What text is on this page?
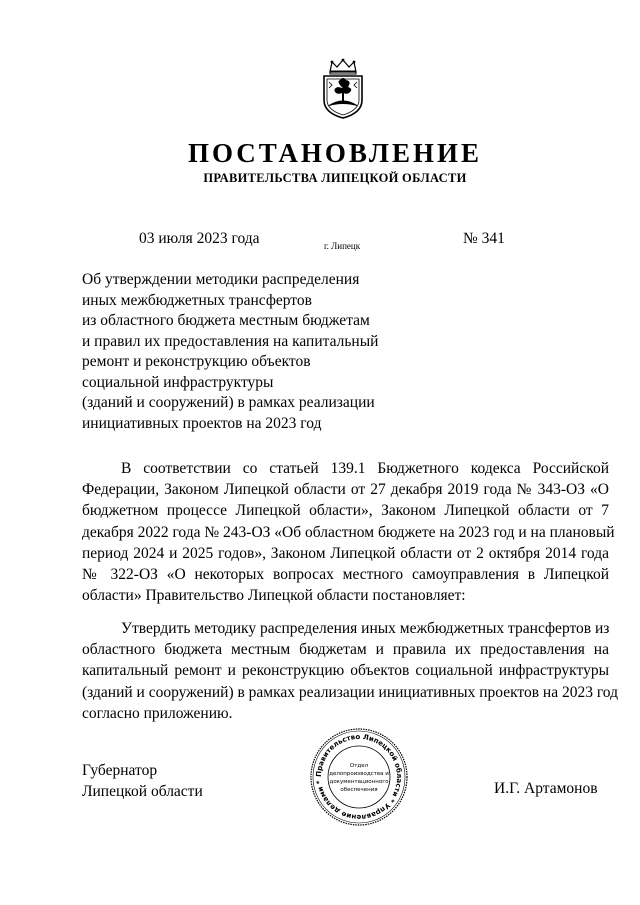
ПОСТАНОВЛЕНИЕ
ПРАВИТЕЛЬСТВА ЛИПЕЦКОЙ ОБЛАСТИ
03 июля 2023 года	г. Липецк	№ 341
Об утверждении методики распределения
иных межбюджетных трансфертов
из областного бюджета местным бюджетам
и правил их предоставления на капитальный
ремонт и реконструкцию объектов
социальной инфраструктуры
(зданий и сооружений) в рамках реализации
инициативных проектов на 2023 год
В соответствии со статьей 139.1 Бюджетного кодекса Российской
Федерации, Законом Липецкой области от 27 декабря 2019 года № 343-ОЗ «О
бюджетном процессе Липецкой области», Законом Липецкой области от 7
декабря 2022 года № 243-ОЗ «Об областном бюджете на 2023 год и на плановый
период 2024 и 2025 годов», Законом Липецкой области от 2 октября 2014 года
№ 322-ОЗ «О некоторых вопросах местного самоуправления в Липецкой
области» Правительство Липецкой области постановляет:
Утвердить методику распределения иных межбюджетных трансфертов из
областного бюджета местным бюджетам и правила их предоставления на
капитальный ремонт и реконструкцию объектов социальной инфраструктуры
(зданий и сооружений) в рамках реализации инициативных проектов на 2023 год
согласно приложению.
Губернатор
Липецкой области	И.Г. Артамонов
Правительство Липецкой области * Управление делами *
Отдел
делопроизводства и
документационного
обеспечения
